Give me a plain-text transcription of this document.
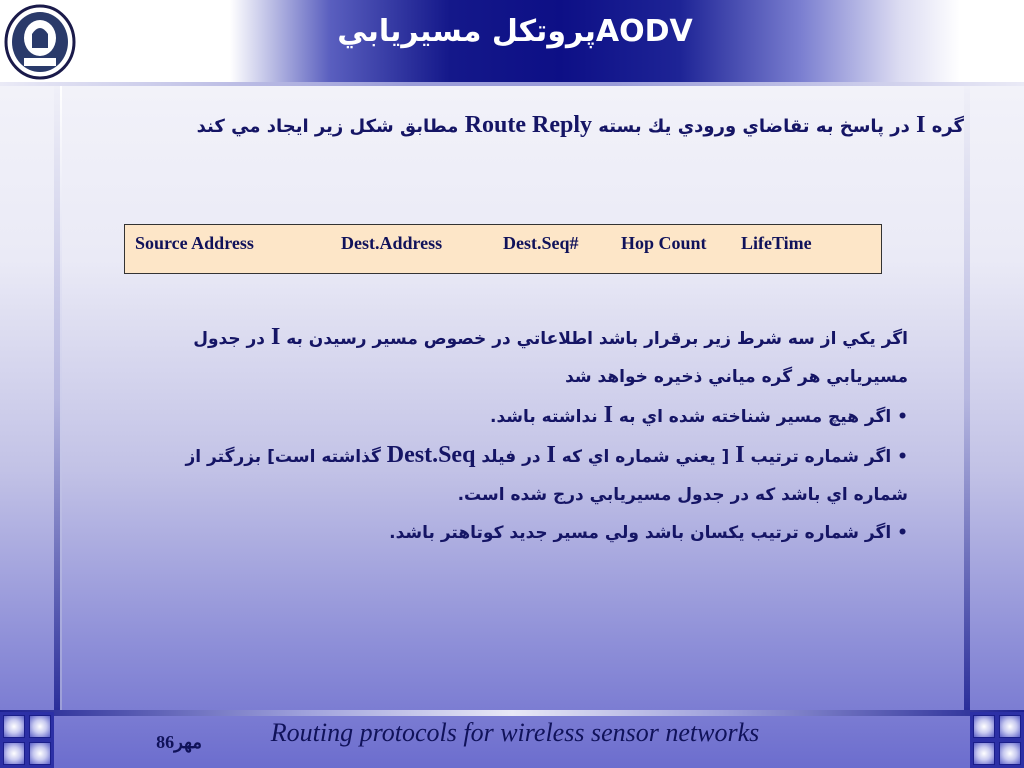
AODVپروتکل مسيريابي
گره I در پاسخ به تقاضاي ورودي يك بسته Route Reply مطابق شكل زير ايجاد مي كند
Source Address	Dest.Address	Dest.Seq# Hop Count LifeTime

اگر يكي از سه شرط زير برقرار باشد اطلاعاتي در خصوص مسير رسيدن به I در جدول مسيريابي هر گره مياني ذخيره خواهد شد

• اگر هيچ مسير شناخته شده اي به I نداشته باشد.

• اگر شماره ترتيب I [ يعني شماره اي كه I در فيلد Dest.Seq گذاشته است] بزرگتر از شماره اي باشد كه در جدول مسيريابي درج شده است.

• اگر شماره ترتيب يكسان باشد ولي مسير جديد كوتاهتر باشد.

مهر86	Routing protocols for wireless sensor networks
